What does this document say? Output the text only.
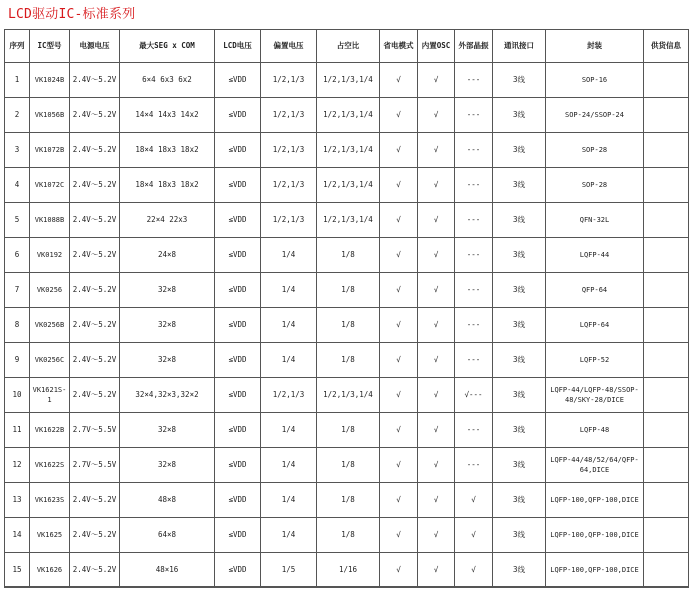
LCD驱动IC-标准系列
序列	IC型号	电源电压	最大SEG x COM	LCD电压	偏置电压	占空比	省电模式	内置OSC	外部晶振	通讯接口	封装	供货信息
1	VK1024B	2.4V～5.2V	6×4 6x3 6x2	≤VDD	1/2,1/3	1/2,1/3,1/4	√	√	---	3线	SOP-16	
2	VK1056B	2.4V～5.2V	14×4 14x3 14x2	≤VDD	1/2,1/3	1/2,1/3,1/4	√	√	---	3线	SOP-24/SSOP-24	
3	VK1072B	2.4V～5.2V	18×4 18x3 18x2	≤VDD	1/2,1/3	1/2,1/3,1/4	√	√	---	3线	SOP-28	
4	VK1072C	2.4V～5.2V	18×4 18x3 18x2	≤VDD	1/2,1/3	1/2,1/3,1/4	√	√	---	3线	SOP-28	
5	VK1088B	2.4V～5.2V	22×4 22x3	≤VDD	1/2,1/3	1/2,1/3,1/4	√	√	---	3线	QFN-32L	
6	VK0192	2.4V～5.2V	24×8	≤VDD	1/4	1/8	√	√	---	3线	LQFP-44	
7	VK0256	2.4V～5.2V	32×8	≤VDD	1/4	1/8	√	√	---	3线	QFP-64	
8	VK0256B	2.4V～5.2V	32×8	≤VDD	1/4	1/8	√	√	---	3线	LQFP-64	
9	VK0256C	2.4V～5.2V	32×8	≤VDD	1/4	1/8	√	√	---	3线	LQFP-52	
10	VK1621S-1	2.4V～5.2V	32×4,32×3,32×2	≤VDD	1/2,1/3	1/2,1/3,1/4	√	√	√---	3线	LQFP-44/LQFP-48/SSOP-48/SKY-28/DICE	
11	VK1622B	2.7V～5.5V	32×8	≤VDD	1/4	1/8	√	√	---	3线	LQFP-48	
12	VK1622S	2.7V～5.5V	32×8	≤VDD	1/4	1/8	√	√	---	3线	LQFP-44/48/52/64/QFP-64,DICE	
13	VK1623S	2.4V～5.2V	48×8	≤VDD	1/4	1/8	√	√	√	3线	LQFP-100,QFP-100,DICE	
14	VK1625	2.4V～5.2V	64×8	≤VDD	1/4	1/8	√	√	√	3线	LQFP-100,QFP-100,DICE	
15	VK1626	2.4V～5.2V	48×16	≤VDD	1/5	1/16	√	√	√	3线	LQFP-100,QFP-100,DICE	
